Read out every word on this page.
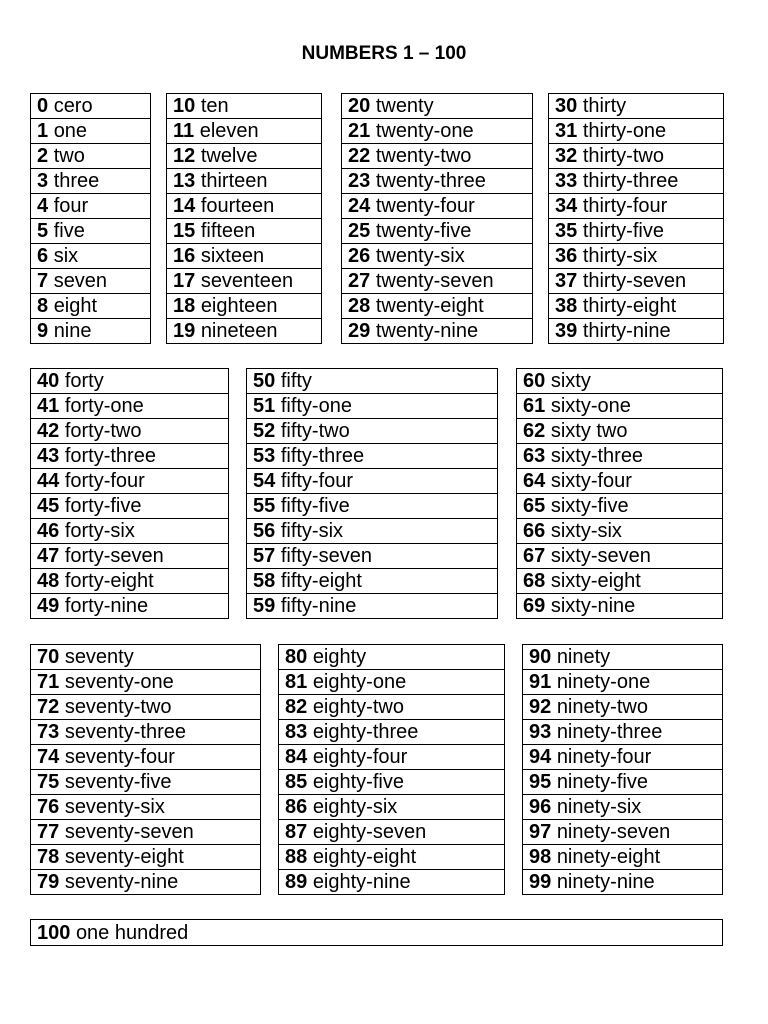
NUMBERS 1 – 100
0 cero
1 one
2 two
3 three
4 four
5 five
6 six
7 seven
8 eight
9 nine
10 ten
11 eleven
12 twelve
13 thirteen
14 fourteen
15 fifteen
16 sixteen
17 seventeen
18 eighteen
19 nineteen
20 twenty
21 twenty-one
22 twenty-two
23 twenty-three
24 twenty-four
25 twenty-five
26 twenty-six
27 twenty-seven
28 twenty-eight
29 twenty-nine
30 thirty
31 thirty-one
32 thirty-two
33 thirty-three
34 thirty-four
35 thirty-five
36 thirty-six
37 thirty-seven
38 thirty-eight
39 thirty-nine
40 forty
41 forty-one
42 forty-two
43 forty-three
44 forty-four
45 forty-five
46 forty-six
47 forty-seven
48 forty-eight
49 forty-nine
50 fifty
51 fifty-one
52 fifty-two
53 fifty-three
54 fifty-four
55 fifty-five
56 fifty-six
57 fifty-seven
58 fifty-eight
59 fifty-nine
60 sixty
61 sixty-one
62 sixty two
63 sixty-three
64 sixty-four
65 sixty-five
66 sixty-six
67 sixty-seven
68 sixty-eight
69 sixty-nine
70 seventy
71 seventy-one
72 seventy-two
73 seventy-three
74 seventy-four
75 seventy-five
76 seventy-six
77 seventy-seven
78 seventy-eight
79 seventy-nine
80 eighty
81 eighty-one
82 eighty-two
83 eighty-three
84 eighty-four
85 eighty-five
86 eighty-six
87 eighty-seven
88 eighty-eight
89 eighty-nine
90 ninety
91 ninety-one
92 ninety-two
93 ninety-three
94 ninety-four
95 ninety-five
96 ninety-six
97 ninety-seven
98 ninety-eight
99 ninety-nine
100 one hundred
